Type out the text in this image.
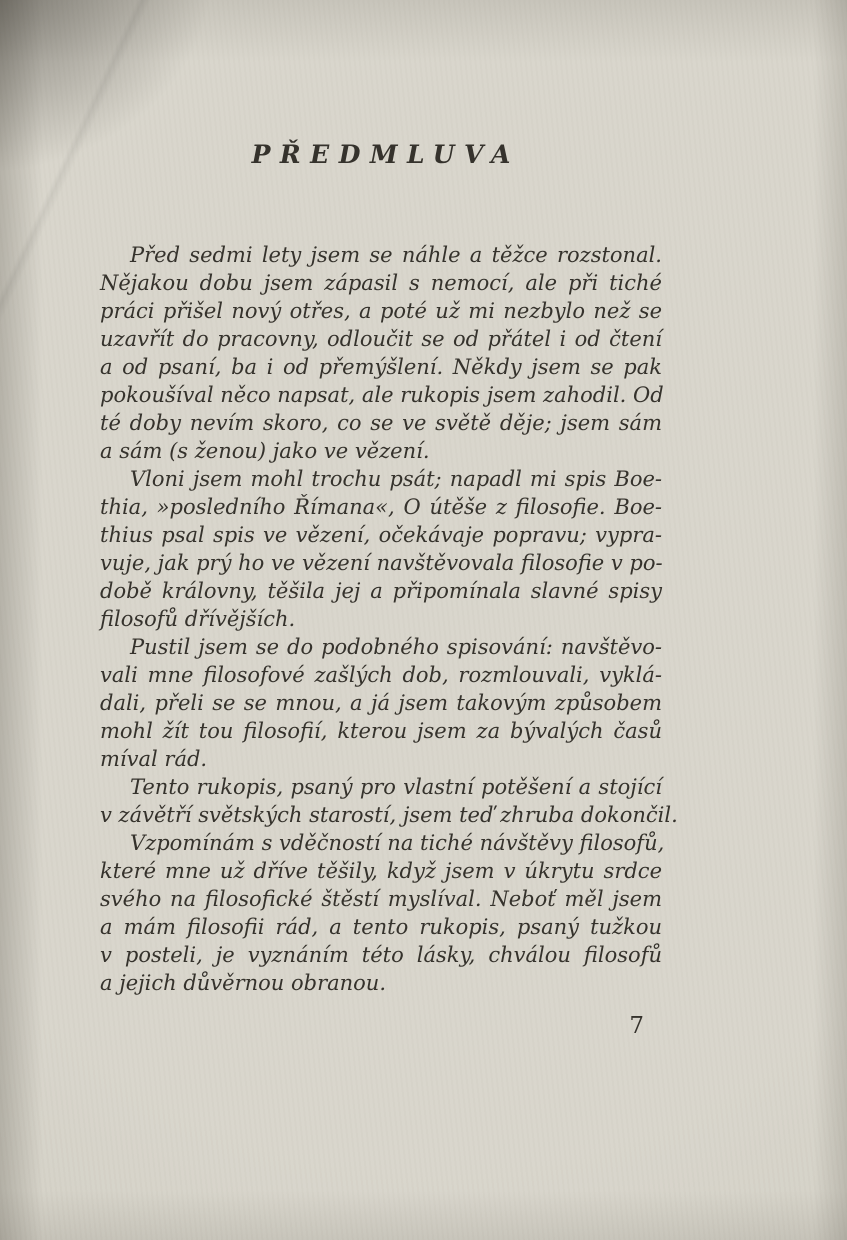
PŘEDMLUVA

Před sedmi lety jsem se náhle a těžce rozstonal.
Nějakou dobu jsem zápasil s nemocí, ale při tiché
práci přišel nový otřes, a poté už mi nezbylo než se
uzavřít do pracovny, odloučit se od přátel i od čtení
a od psaní, ba i od přemýšlení. Někdy jsem se pak
pokoušíval něco napsat, ale rukopis jsem zahodil. Od
té doby nevím skoro, co se ve světě děje; jsem sám
a sám (s ženou) jako ve vězení.

Vloni jsem mohl trochu psát; napadl mi spis Boe-
thia, »posledního Římana«, O útěše z filosofie. Boe-
thius psal spis ve vězení, očekávaje popravu; vypra-
vuje, jak prý ho ve vězení navštěvovala filosofie v po-
době královny, těšila jej a připomínala slavné spisy
filosofů dřívějších.

Pustil jsem se do podobného spisování: navštěvo-
vali mne filosofové zašlých dob, rozmlouvali, vyklá-
dali, přeli se se mnou, a já jsem takovým způsobem
mohl žít tou filosofií, kterou jsem za bývalých časů
míval rád.

Tento rukopis, psaný pro vlastní potěšení a stojící
v závětří světských starostí, jsem teď zhruba dokončil.

Vzpomínám s vděčností na tiché návštěvy filosofů,
které mne už dříve těšily, když jsem v úkrytu srdce
svého na filosofické štěstí myslíval. Neboť měl jsem
a mám filosofii rád, a tento rukopis, psaný tužkou
v posteli, je vyznáním této lásky, chválou filosofů
a jejich důvěrnou obranou.

7
